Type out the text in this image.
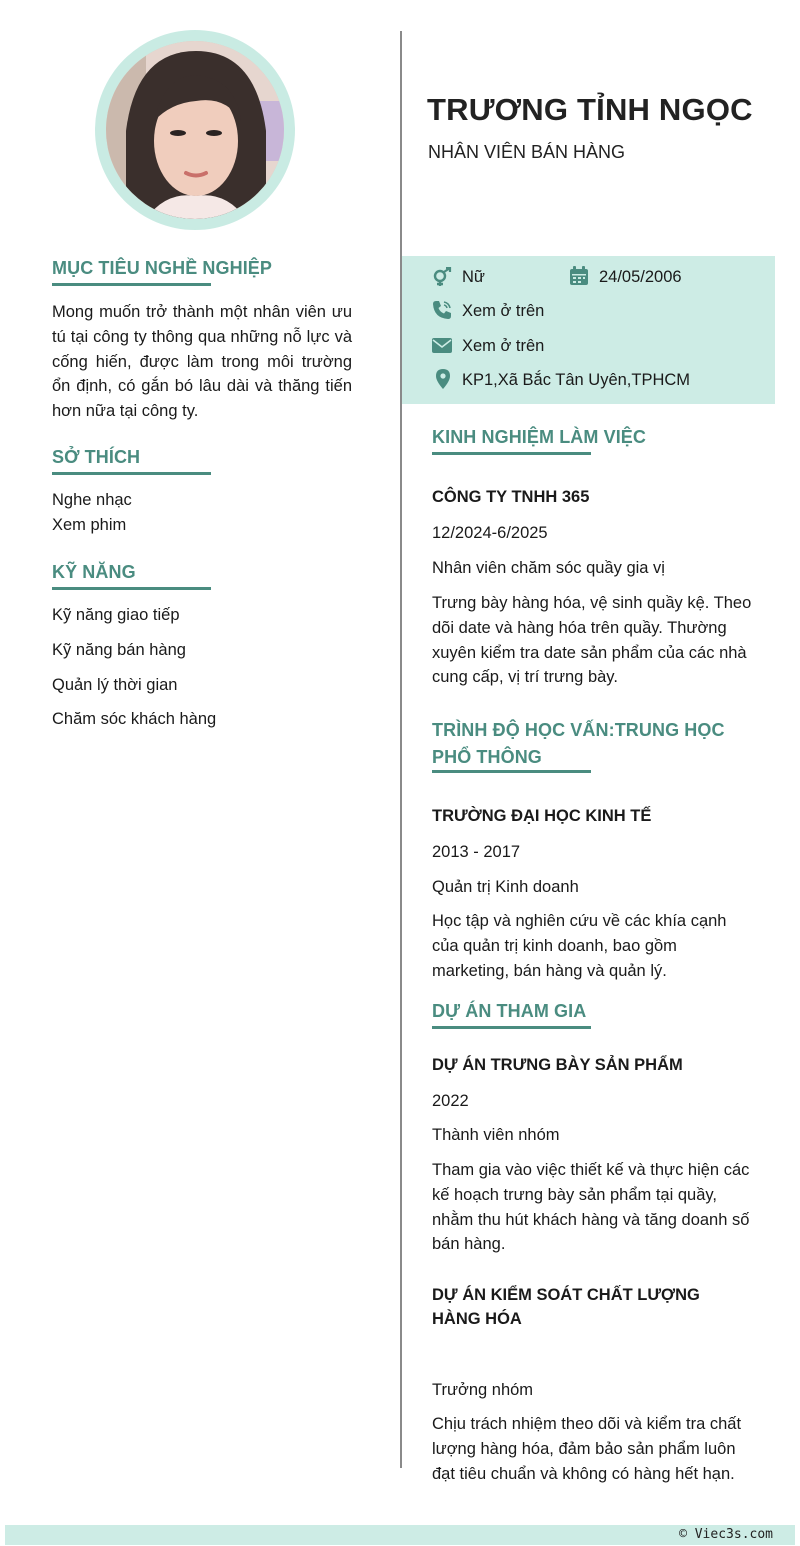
MỤC TIÊU NGHỀ NGHIỆP
Mong muốn trở thành một nhân viên ưu tú tại công ty thông qua những nỗ lực và cống hiến, được làm trong môi trường ổn định, có gắn bó lâu dài và thăng tiến hơn nữa tại công ty.
SỞ THÍCH
Nghe nhạc
Xem phim
KỸ NĂNG
Kỹ năng giao tiếp
Kỹ năng bán hàng
Quản lý thời gian
Chăm sóc khách hàng
TRƯƠNG TỈNH NGỌC
NHÂN VIÊN BÁN HÀNG
Nữ	24/05/2006
Xem ở trên
Xem ở trên
KP1,Xã Bắc Tân Uyên,TPHCM
KINH NGHIỆM LÀM VIỆC
CÔNG TY TNHH 365
12/2024-6/2025
Nhân viên chăm sóc quầy gia vị
Trưng bày hàng hóa, vệ sinh quầy kệ. Theo dõi date và hàng hóa trên quầy. Thường xuyên kiểm tra date sản phẩm của các nhà cung cấp, vị trí trưng bày.
TRÌNH ĐỘ HỌC VẤN:TRUNG HỌC PHỔ THÔNG
TRƯỜNG ĐẠI HỌC KINH TẾ
2013 - 2017
Quản trị Kinh doanh
Học tập và nghiên cứu về các khía cạnh của quản trị kinh doanh, bao gồm marketing, bán hàng và quản lý.
DỰ ÁN THAM GIA
DỰ ÁN TRƯNG BÀY SẢN PHẨM
2022
Thành viên nhóm
Tham gia vào việc thiết kế và thực hiện các kế hoạch trưng bày sản phẩm tại quầy, nhằm thu hút khách hàng và tăng doanh số bán hàng.
DỰ ÁN KIỂM SOÁT CHẤT LƯỢNG HÀNG HÓA
Trưởng nhóm
Chịu trách nhiệm theo dõi và kiểm tra chất lượng hàng hóa, đảm bảo sản phẩm luôn đạt tiêu chuẩn và không có hàng hết hạn.
© Viec3s.com
